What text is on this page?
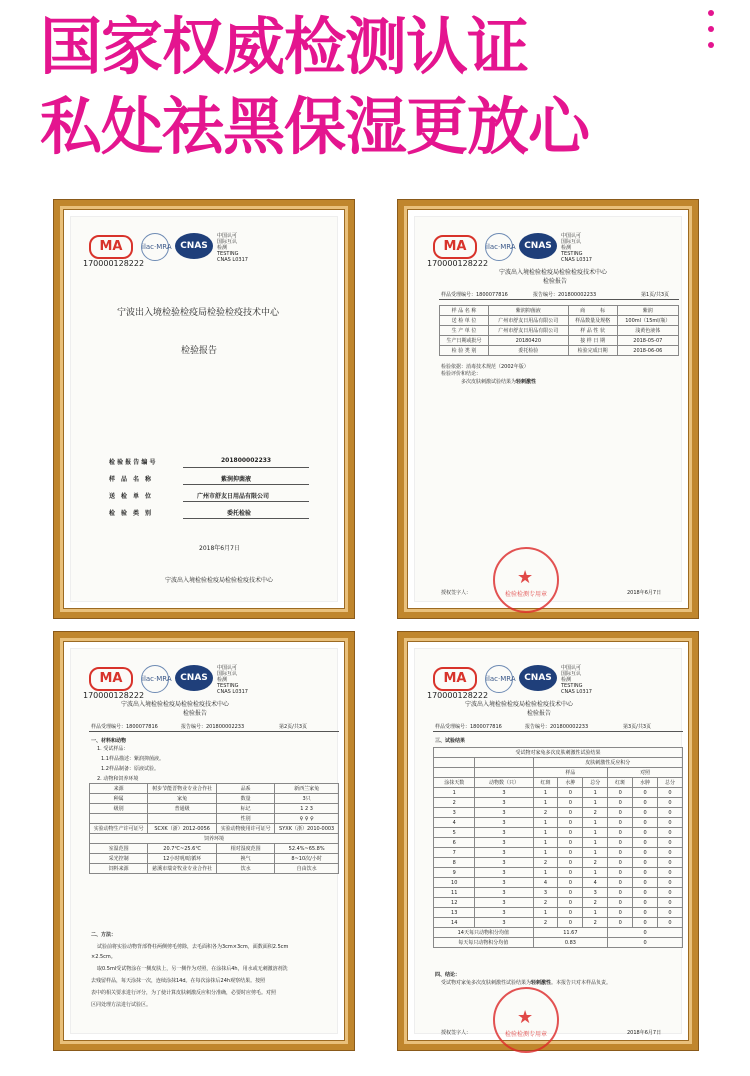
国家权威检测认证
私处祛黑保湿更放心
MA
170000128222
ilac·MRA CNAS
中国认可
国际互认
检测
TESTING
CNAS L0317
宁波出入境检验检疫局检验检疫技术中心
检验报告
检 验 报 告 编 号	201800002233
样　品　名　称	紫润抑菌液
送　检　单　位	广州市舒友日用品有限公司
检　验　类　别	委托检验
2018年6月7日
宁波出入境检验检疫局检验检疫技术中心
MA
170000128222
ilac·MRA CNAS
中国认可
国际互认
检测
TESTING
CNAS L0317
宁波出入境检验检疫局检验检疫技术中心
检验报告
样品受理编号：1800077816	报告编号：201800002233	第1页/共3页
样 品 名 称	紫润抑菌液	商　　　标	紫润
送 检 单 位	广州市舒友日用品有限公司	样品数量及规格	100ml（15ml/瓶）
生 产 单 位	广州市舒友日用品有限公司	样 品 性 状	浅黄色液体
生产日期或批号	20180420	接 样 日 期	2018-05-07
检 验 类 别	委托检验	检验完成日期	2018-06-06
检验依据：消毒技术规范（2002年版）
检验评价和结论：
多次皮肤刺激试验结果为轻刺激性
★
检验检测专用章
授权签字人：	2018年6月7日
MA
170000128222
ilac·MRA CNAS
中国认可
国际互认
检测
TESTING
CNAS L0317
宁波出入境检验检疫局检验检疫技术中心
检验报告
样品受理编号：1800077816	报告编号：201800002233	第2页/共3页
一、材料和动物
1. 受试样品：
1.1样品描述：紫润抑菌液。
1.2样品制备：原液试验。
2. 动物和饲养环境
来源	树步节能晋物业专业合作社	品系	新西兰家兔
种属	家兔	数量	3只
级别	普通级	标记	1 2 3
		性别	♀ ♀ ♀
实验动物生产许可证号	SCXK（浙）2012-0056	实验动物使用许可证号	SYXK（浙）2010-0003
饲养环境			
室温范围	20.7℃~25.6℃	相对湿度范围	52.4%~65.8%
采光控制	12小时明/暗循环	换气	8~10次/小时
饲料来源	慈溪市瑞奇牧业专业合作社	饮水	自由饮水
二、方法：
试验前将实验动物背部脊柱两侧剪毛剪除，去毛面积各为3cm×3cm，面数面积2.5cm
×2.5cm。
取0.5ml受试物涂在一侧皮肤上，另一侧作为对照，在涂抹后4h，用水或无刺激溶剂洗
去残留样品，每天涂抹一次，连续涂抹14d。在每次涂抹后24h观察结果。按照
表中的相关要求进行评分，为了使计算皮肤刺激反应积分准确，必要时应剪毛。对照
区同处理方法进行试验区。
MA
170000128222
ilac·MRA CNAS
中国认可
国际互认
检测
TESTING
CNAS L0317
宁波出入境检验检疫局检验检疫技术中心
检验报告
样品受理编号：1800077816	报告编号：201800002233	第3页/共3页
三、试验结果
受试物对家兔多次皮肤刺激性试验结果							
		皮肤刺激性反应积分					
		样品			对照		
涂抹天数	动物数（只）	红斑	水肿	总分	红斑	水肿	总分
1	3	1	0	1	0	0	0
2	3	1	0	1	0	0	0
3	3	2	0	2	0	0	0
4	3	1	0	1	0	0	0
5	3	1	0	1	0	0	0
6	3	1	0	1	0	0	0
7	3	1	0	1	0	0	0
8	3	2	0	2	0	0	0
9	3	1	0	1	0	0	0
10	3	4	0	4	0	0	0
11	3	3	0	3	0	0	0
12	3	2	0	2	0	0	0
13	3	1	0	1	0	0	0
14	3	2	0	2	0	0	0
14天每只动物积分均值		11.67			0		
每天每只动物积分均值		0.83			0		
四、结论：
受试物对家兔多次皮肤刺激性试验结果为轻刺激性。本报告只对本样品负责。
★
检验检测专用章
授权签字人：	2018年6月7日
